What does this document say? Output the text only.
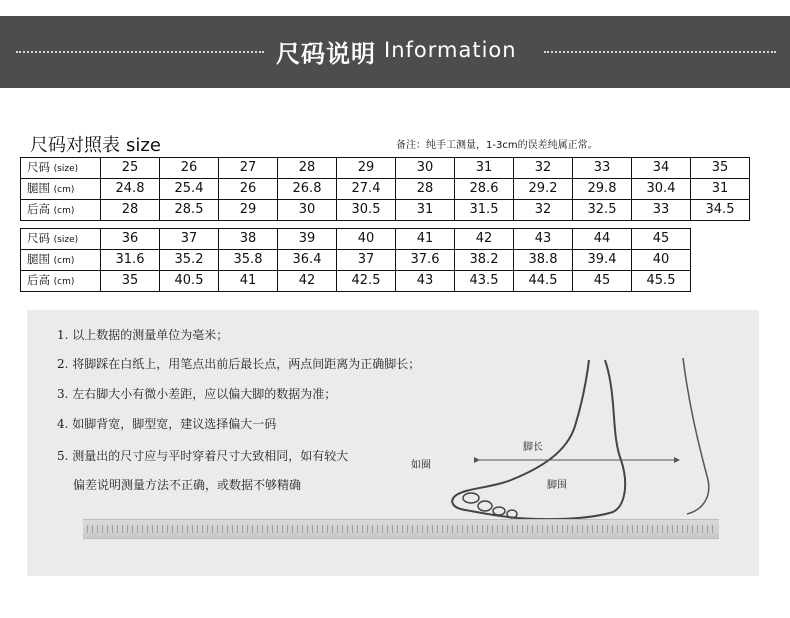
尺码说明 Information
尺码对照表 size	备注：纯手工测量，1-3cm的误差纯属正常。
尺码 (size)	25	26	27	28	29	30	31	32	33	34	35
腿围 (cm)	24.8	25.4	26	26.8	27.4	28	28.6	29.2	29.8	30.4	31
后高 (cm)	28	28.5	29	30	30.5	31	31.5	32	32.5	33	34.5
尺码 (size)	36	37	38	39	40	41	42	43	44	45
腿围 (cm)	31.6	35.2	35.8	36.4	37	37.6	38.2	38.8	39.4	40
后高 (cm)	35	40.5	41	42	42.5	43	43.5	44.5	45	45.5
1. 以上数据的测量单位为毫米；
2. 将脚踩在白纸上，用笔点出前后最长点，两点间距离为正确脚长；
3. 左右脚大小有微小差距，应以偏大脚的数据为准；
4. 如脚背宽，脚型宽，建议选择偏大一码
5. 测量出的尺寸应与平时穿着尺寸大致相同，如有较大
偏差说明测量方法不正确，或数据不够精确
脚长
如圈
脚围
